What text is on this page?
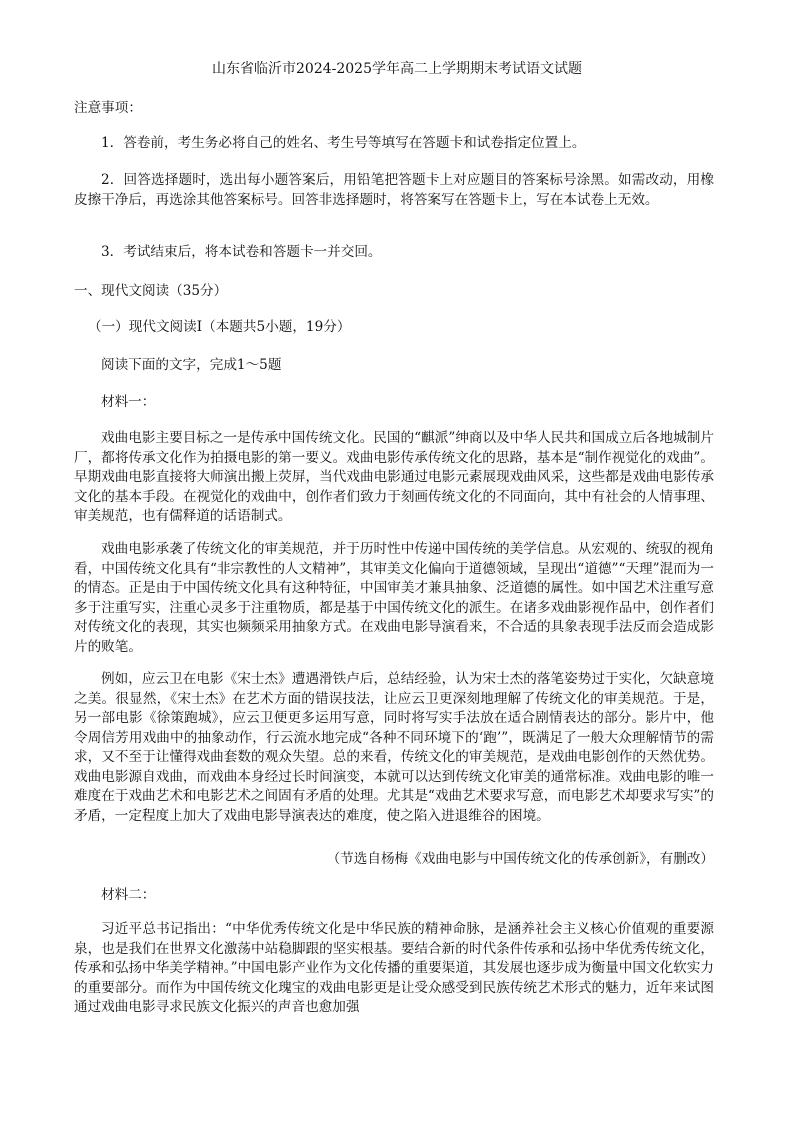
山东省临沂市2024-2025学年高二上学期期末考试语文试题

注意事项：

1．答卷前，考生务必将自己的姓名、考生号等填写在答题卡和试卷指定位置上。

2．回答选择题时，选出每小题答案后，用铅笔把答题卡上对应题目的答案标号涂黑。如需改动，用橡皮擦干净后，再选涂其他答案标号。回答非选择题时，将答案写在答题卡上，写在本试卷上无效。

3．考试结束后，将本试卷和答题卡一并交回。

一、现代文阅读（35分）

（一）现代文阅读Ⅰ（本题共5小题，19分）

阅读下面的文字，完成1～5题

材料一：

戏曲电影主要目标之一是传承中国传统文化。民国的“麒派”绅商以及中华人民共和国成立后各地城制片厂，都将传承文化作为拍摄电影的第一要义。戏曲电影传承传统文化的思路，基本是“制作视觉化的戏曲”。早期戏曲电影直接将大师演出搬上荧屏，当代戏曲电影通过电影元素展现戏曲风采，这些都是戏曲电影传承文化的基本手段。在视觉化的戏曲中，创作者们致力于刻画传统文化的不同面向，其中有社会的人情事理、审美规范，也有儒释道的话语制式。

戏曲电影承袭了传统文化的审美规范，并于历时性中传递中国传统的美学信息。从宏观的、统驭的视角看，中国传统文化具有“非宗教性的人文精神”，其审美文化偏向于道德领域，呈现出“道德”“天理”混而为一的情态。正是由于中国传统文化具有这种特征，中国审美才兼具抽象、泛道德的属性。如中国艺术注重写意多于注重写实，注重心灵多于注重物质，都是基于中国传统文化的派生。在诸多戏曲影视作品中，创作者们对传统文化的表现，其实也频频采用抽象方式。在戏曲电影导演看来，不合适的具象表现手法反而会造成影片的败笔。

例如，应云卫在电影《宋士杰》遭遇滑铁卢后，总结经验，认为宋士杰的落笔姿势过于实化，欠缺意境之美。很显然，《宋士杰》在艺术方面的错误技法，让应云卫更深刻地理解了传统文化的审美规范。于是，另一部电影《徐策跑城》，应云卫便更多运用写意，同时将写实手法放在适合剧情表达的部分。影片中，他令周信芳用戏曲中的抽象动作，行云流水地完成“各种不同环境下的‘跑’”，既满足了一般大众理解情节的需求，又不至于让懂得戏曲套数的观众失望。总的来看，传统文化的审美规范，是戏曲电影创作的天然优势。戏曲电影源自戏曲，而戏曲本身经过长时间演变，本就可以达到传统文化审美的通常标准。戏曲电影的唯一难度在于戏曲艺术和电影艺术之间固有矛盾的处理。尤其是“戏曲艺术要求写意，而电影艺术却要求写实”的矛盾，一定程度上加大了戏曲电影导演表达的难度，使之陷入进退维谷的困境。

（节选自杨梅《戏曲电影与中国传统文化的传承创新》，有删改）

材料二：

习近平总书记指出：“中华优秀传统文化是中华民族的精神命脉，是涵养社会主义核心价值观的重要源泉，也是我们在世界文化激荡中站稳脚跟的坚实根基。要结合新的时代条件传承和弘扬中华优秀传统文化，传承和弘扬中华美学精神。”中国电影产业作为文化传播的重要渠道，其发展也逐步成为衡量中国文化软实力的重要部分。而作为中国传统文化瑰宝的戏曲电影更是让受众感受到民族传统艺术形式的魅力，近年来试图通过戏曲电影寻求民族文化振兴的声音也愈加强
